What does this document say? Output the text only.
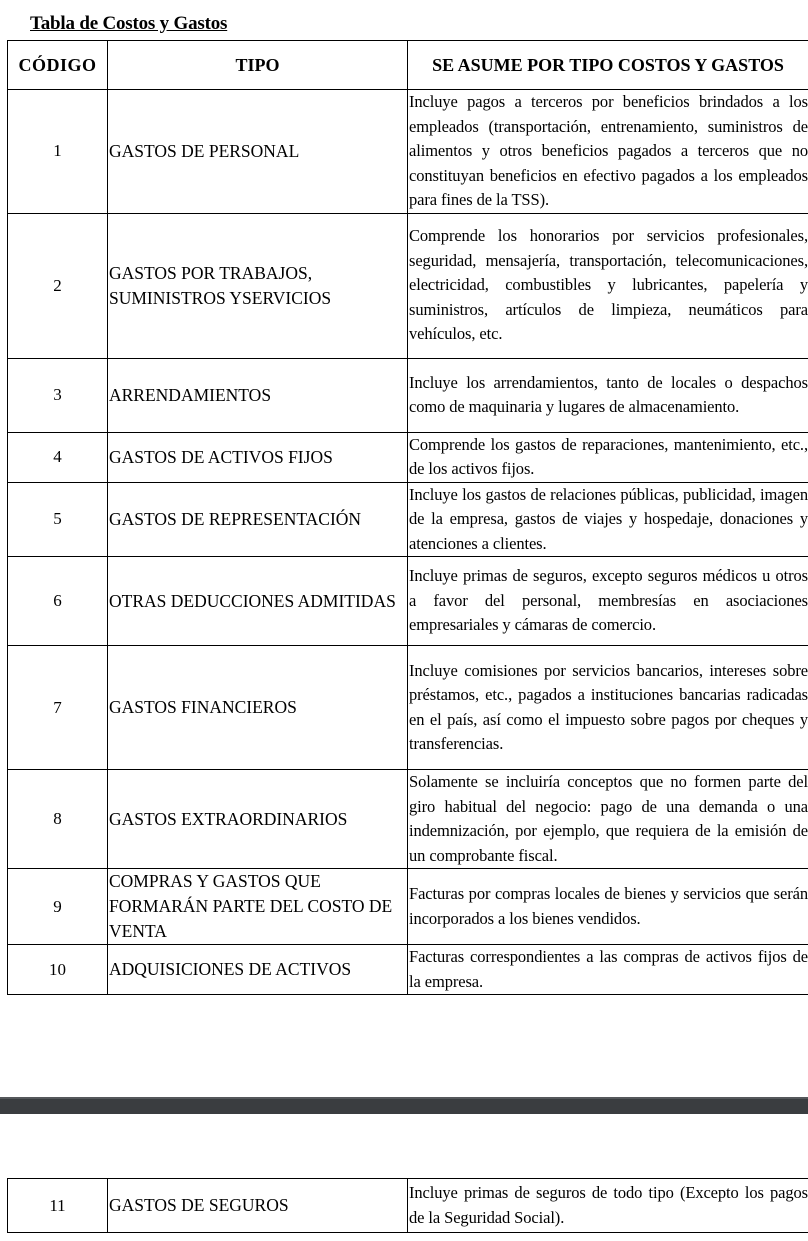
Tabla de Costos y Gastos
CÓDIGO	TIPO	SE ASUME POR TIPO COSTOS Y GASTOS
1	GASTOS DE PERSONAL	Incluye pagos a terceros por beneficios brindados a los empleados (transportación, entrenamiento, suministros de alimentos y otros beneficios pagados a terceros que no constituyan beneficios en efectivo pagados a los empleados para fines de la TSS).
2	GASTOS POR TRABAJOS, SUMINISTROS YSERVICIOS	Comprende los honorarios por servicios profesionales, seguridad, mensajería, transportación, telecomunicaciones, electricidad, combustibles y lubricantes, papelería y suministros, artículos de limpieza, neumáticos para vehículos, etc.
3	ARRENDAMIENTOS	Incluye los arrendamientos, tanto de locales o despachos como de maquinaria y lugares de almacenamiento.
4	GASTOS DE ACTIVOS FIJOS	Comprende los gastos de reparaciones, mantenimiento, etc., de los activos fijos.
5	GASTOS DE REPRESENTACIÓN	Incluye los gastos de relaciones públicas, publicidad, imagen de la empresa, gastos de viajes y hospedaje, donaciones y atenciones a clientes.
6	OTRAS DEDUCCIONES ADMITIDAS	Incluye primas de seguros, excepto seguros médicos u otros a favor del personal, membresías en asociaciones empresariales y cámaras de comercio.
7	GASTOS FINANCIEROS	Incluye comisiones por servicios bancarios, intereses sobre préstamos, etc., pagados a instituciones bancarias radicadas en el país, así como el impuesto sobre pagos por cheques y transferencias.
8	GASTOS EXTRAORDINARIOS	Solamente se incluiría conceptos que no formen parte del giro habitual del negocio: pago de una demanda o una indemnización, por ejemplo, que requiera de la emisión de un comprobante fiscal.
9	COMPRAS Y GASTOS QUE FORMARÁN PARTE DEL COSTO DE VENTA	Facturas por compras locales de bienes y servicios que serán incorporados a los bienes vendidos.
10	ADQUISICIONES DE ACTIVOS	Facturas correspondientes a las compras de activos fijos de la empresa.
11	GASTOS DE SEGUROS	Incluye primas de seguros de todo tipo (Excepto los pagos de la Seguridad Social).
